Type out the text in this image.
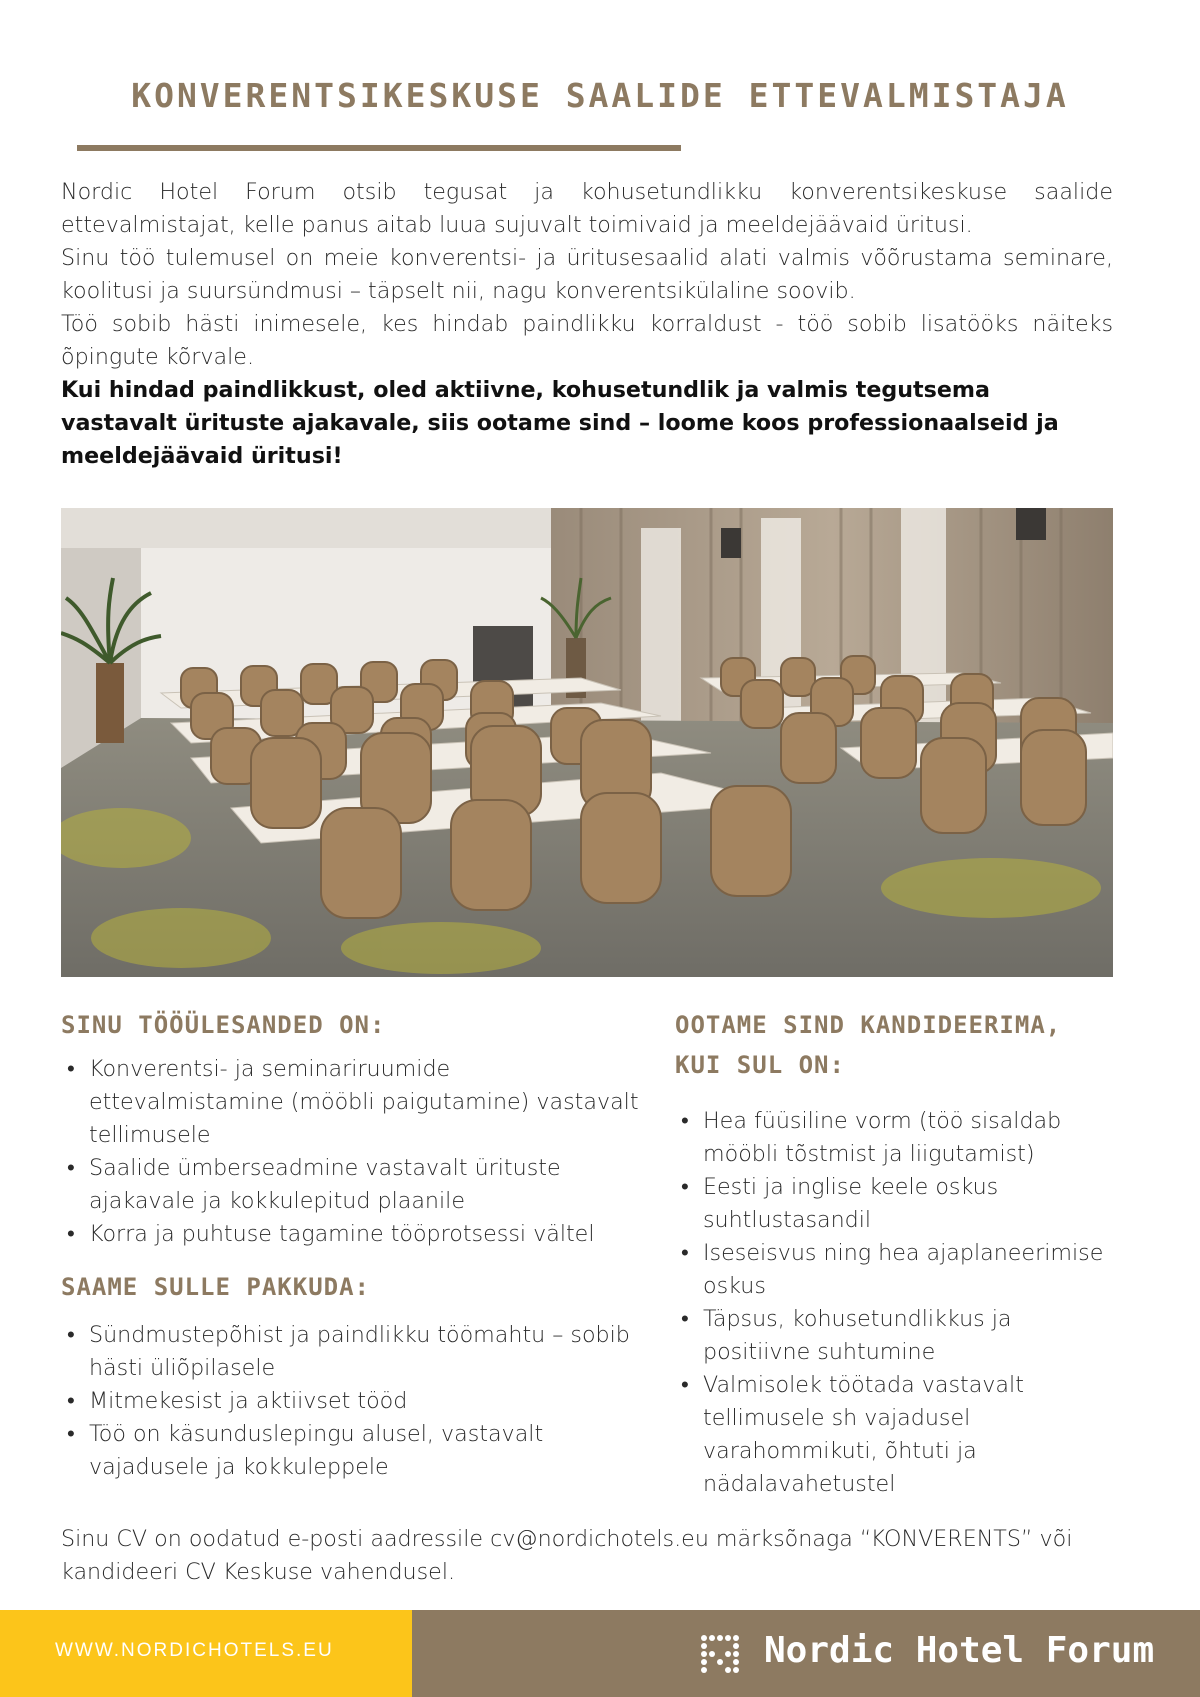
KONVERENTSIKESKUSE SAALIDE ETTEVALMISTAJA

Nordic Hotel Forum otsib tegusat ja kohusetundlikku konverentsikeskuse saalide ettevalmistajat, kelle panus aitab luua sujuvalt toimivaid ja meeldejäävaid üritusi.

Sinu töö tulemusel on meie konverentsi- ja üritusesaalid alati valmis võõrustama seminare, koolitusi ja suursündmusi – täpselt nii, nagu konverentsikülaline soovib.

Töö sobib hästi inimesele, kes hindab paindlikku korraldust - töö sobib lisatööks näiteks õpingute kõrvale.

Kui hindad paindlikkust, oled aktiivne, kohusetundlik ja valmis tegutsema vastavalt ürituste ajakavale, siis ootame sind – loome koos professionaalseid ja meeldejäävaid üritusi!

SINU TÖÖÜLESANDED ON:
• Konverentsi- ja seminariruumide ettevalmistamine (mööbli paigutamine) vastavalt tellimusele
• Saalide ümberseadmine vastavalt ürituste ajakavale ja kokkulepitud plaanile
• Korra ja puhtuse tagamine tööprotsessi vältel
SAAME SULLE PAKKUDA:
• Sündmustepõhist ja paindlikku töömahtu – sobib hästi üliõpilasele
• Mitmekesist ja aktiivset tööd
• Töö on käsunduslepingu alusel, vastavalt vajadusele ja kokkuleppele
OOTAME SIND KANDIDEERIMA, KUI SUL ON:
• Hea füüsiline vorm (töö sisaldab mööbli tõstmist ja liigutamist)
• Eesti ja inglise keele oskus suhtlustasandil
• Iseseisvus ning hea ajaplaneerimise oskus
• Täpsus, kohusetundlikkus ja positiivne suhtumine
• Valmisolek töötada vastavalt tellimusele sh vajadusel varahommikuti, õhtuti ja nädalavahetustel

Sinu CV on oodatud e-posti aadressile cv@nordichotels.eu märksõnaga “KONVERENTS” või kandideeri CV Keskuse vahendusel.

WWW.NORDICHOTELS.EU	Nordic Hotel Forum
